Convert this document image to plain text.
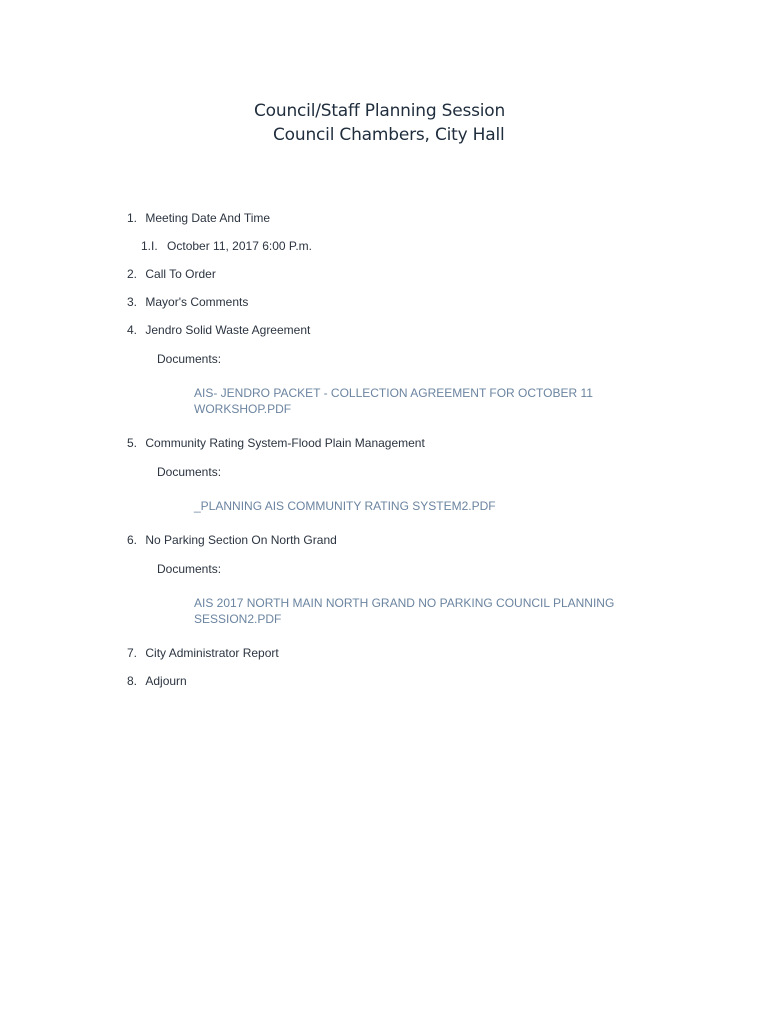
Council/Staff Planning Session
Council Chambers, City Hall
1. Meeting Date And Time
1.I. October 11, 2017 6:00 P.m.
2. Call To Order
3. Mayor's Comments
4. Jendro Solid Waste Agreement
Documents:
AIS- JENDRO PACKET - COLLECTION AGREEMENT FOR OCTOBER 11 WORKSHOP.PDF
5. Community Rating System-Flood Plain Management
Documents:
_PLANNING AIS COMMUNITY RATING SYSTEM2.PDF
6. No Parking Section On North Grand
Documents:
AIS 2017 NORTH MAIN NORTH GRAND NO PARKING COUNCIL PLANNING SESSION2.PDF
7. City Administrator Report
8. Adjourn
